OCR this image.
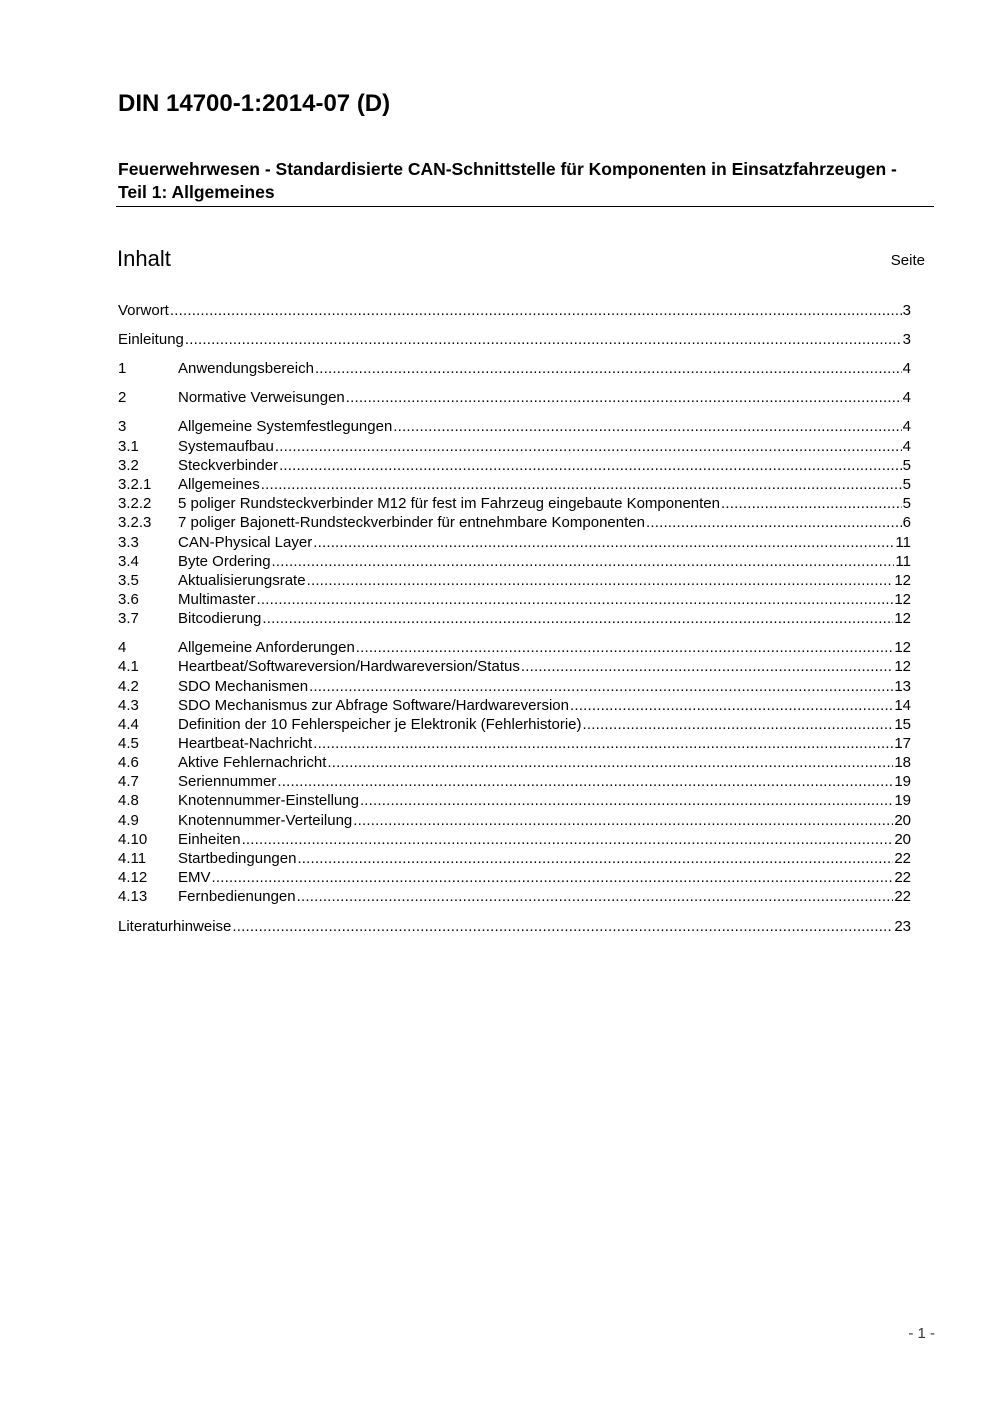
DIN 14700-1:2014-07 (D)
Feuerwehrwesen - Standardisierte CAN-Schnittstelle für Komponenten in Einsatzfahrzeugen - Teil 1: Allgemeines
Inhalt	Seite
Vorwort .....	3
Einleitung .....	3
1	Anwendungsbereich .....	4
2	Normative Verweisungen .....	4
3	Allgemeine Systemfestlegungen .....	4
3.1	Systemaufbau .....	4
3.2	Steckverbinder .....	5
3.2.1	Allgemeines .....	5
3.2.2	5 poliger Rundsteckverbinder M12 für fest im Fahrzeug eingebaute Komponenten .....	5
3.2.3	7 poliger Bajonett-Rundsteckverbinder für entnehmbare Komponenten .....	6
3.3	CAN-Physical Layer .....	11
3.4	Byte Ordering .....	11
3.5	Aktualisierungsrate .....	12
3.6	Multimaster .....	12
3.7	Bitcodierung .....	12
4	Allgemeine Anforderungen .....	12
4.1	Heartbeat/Softwareversion/Hardwareversion/Status .....	12
4.2	SDO Mechanismen .....	13
4.3	SDO Mechanismus zur Abfrage Software/Hardwareversion .....	14
4.4	Definition der 10 Fehlerspeicher je Elektronik (Fehlerhistorie) .....	15
4.5	Heartbeat-Nachricht .....	17
4.6	Aktive Fehlernachricht .....	18
4.7	Seriennummer .....	19
4.8	Knotennummer-Einstellung .....	19
4.9	Knotennummer-Verteilung .....	20
4.10	Einheiten .....	20
4.11	Startbedingungen .....	22
4.12	EMV .....	22
4.13	Fernbedienungen .....	22
Literaturhinweise .....	23
- 1 -
